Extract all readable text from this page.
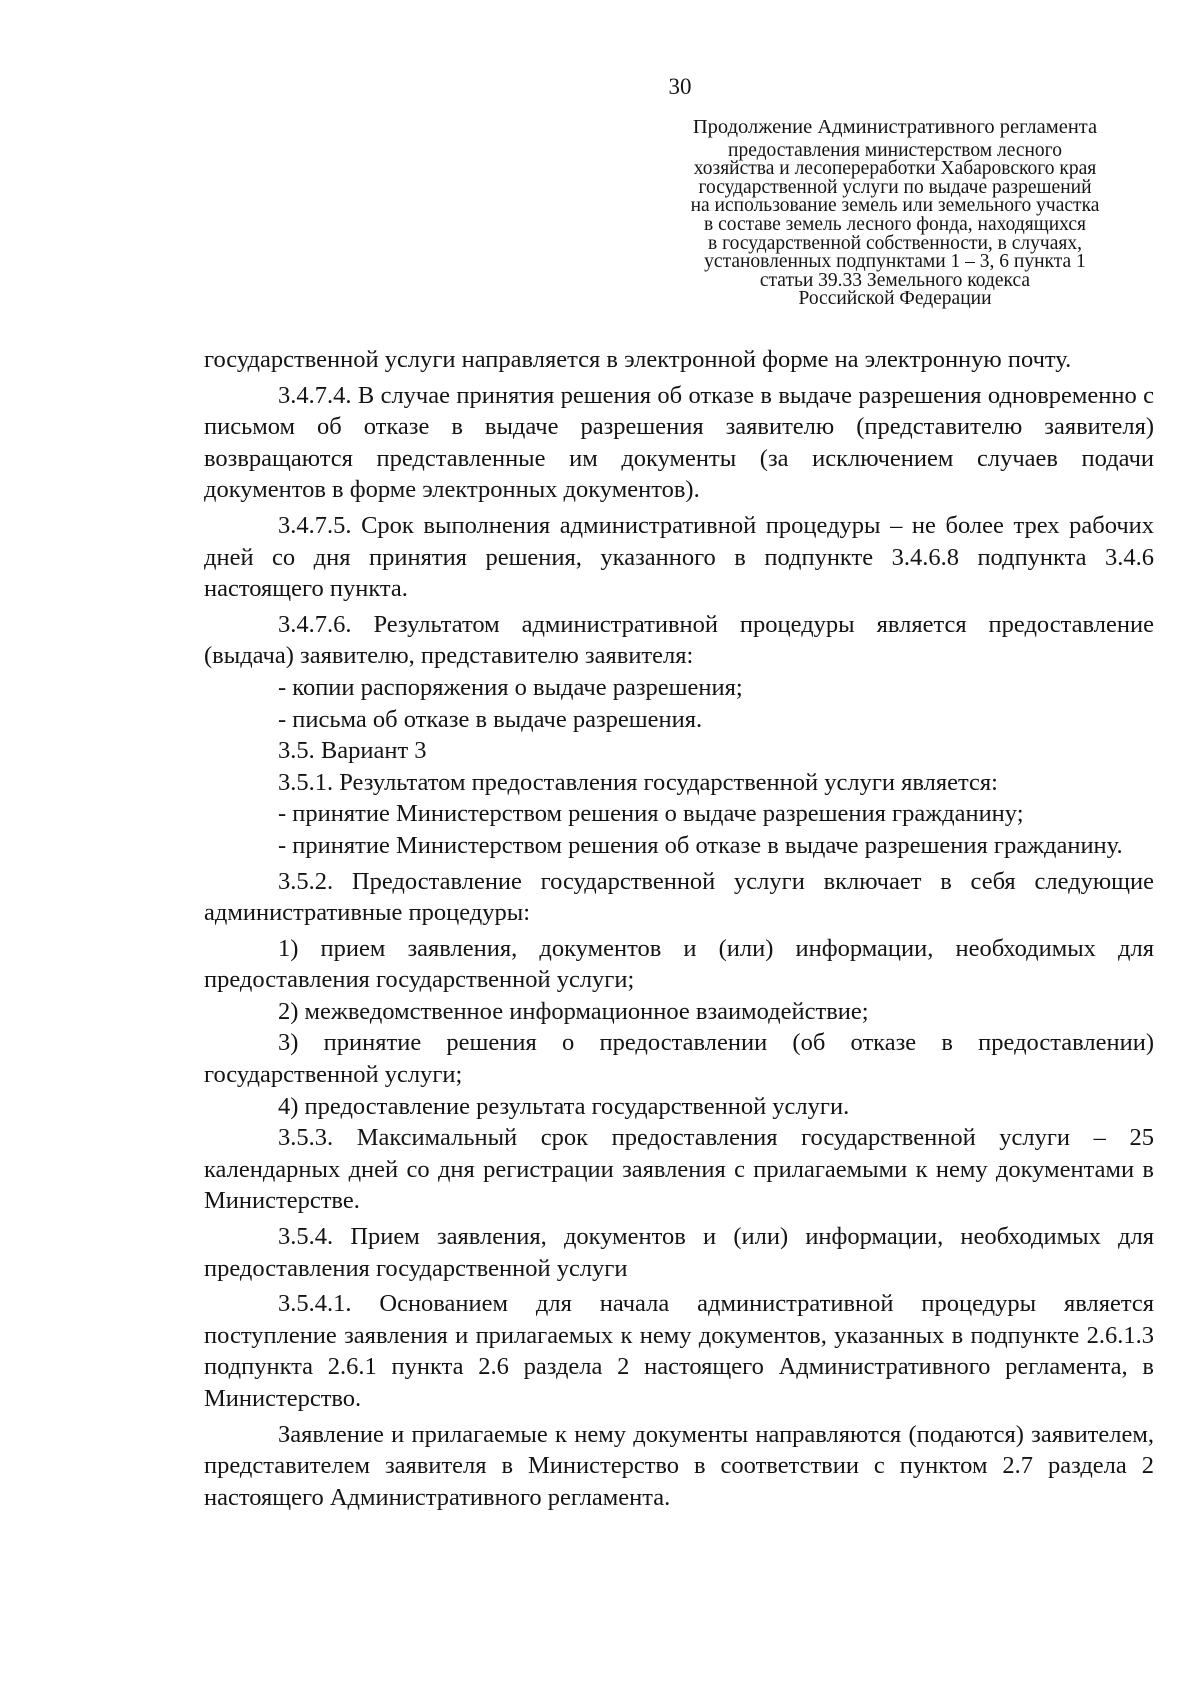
30
Продолжение Административного регламента
предоставления министерством лесного
хозяйства и лесопереработки Хабаровского края
государственной услуги по выдаче разрешений
на использование земель или земельного участка
в составе земель лесного фонда, находящихся
в государственной собственности, в случаях,
установленных подпунктами 1 – 3, 6 пункта 1
статьи 39.33 Земельного кодекса
Российской Федерации

государственной услуги направляется в электронной форме на электронную почту.

3.4.7.4. В случае принятия решения об отказе в выдаче разрешения одновременно с письмом об отказе в выдаче разрешения заявителю (представителю заявителя) возвращаются представленные им документы (за исключением случаев подачи документов в форме электронных документов).

3.4.7.5. Срок выполнения административной процедуры – не более трех рабочих дней со дня принятия решения, указанного в подпункте 3.4.6.8 подпункта 3.4.6 настоящего пункта.

3.4.7.6. Результатом административной процедуры является предоставление (выдача) заявителю, представителю заявителя:

- копии распоряжения о выдаче разрешения;

- письма об отказе в выдаче разрешения.

3.5. Вариант 3

3.5.1. Результатом предоставления государственной услуги является:

- принятие Министерством решения о выдаче разрешения гражданину;

- принятие Министерством решения об отказе в выдаче разрешения гражданину.

3.5.2. Предоставление государственной услуги включает в себя следующие административные процедуры:

1) прием заявления, документов и (или) информации, необходимых для предоставления государственной услуги;

2) межведомственное информационное взаимодействие;

3) принятие решения о предоставлении (об отказе в предоставлении) государственной услуги;

4) предоставление результата государственной услуги.

3.5.3. Максимальный срок предоставления государственной услуги – 25 календарных дней со дня регистрации заявления с прилагаемыми к нему документами в Министерстве.

3.5.4. Прием заявления, документов и (или) информации, необходимых для предоставления государственной услуги

3.5.4.1. Основанием для начала административной процедуры является поступление заявления и прилагаемых к нему документов, указанных в подпункте 2.6.1.3 подпункта 2.6.1 пункта 2.6 раздела 2 настоящего Административного регламента, в Министерство.

Заявление и прилагаемые к нему документы направляются (подаются) заявителем, представителем заявителя в Министерство в соответствии с пунктом 2.7 раздела 2 настоящего Административного регламента.
